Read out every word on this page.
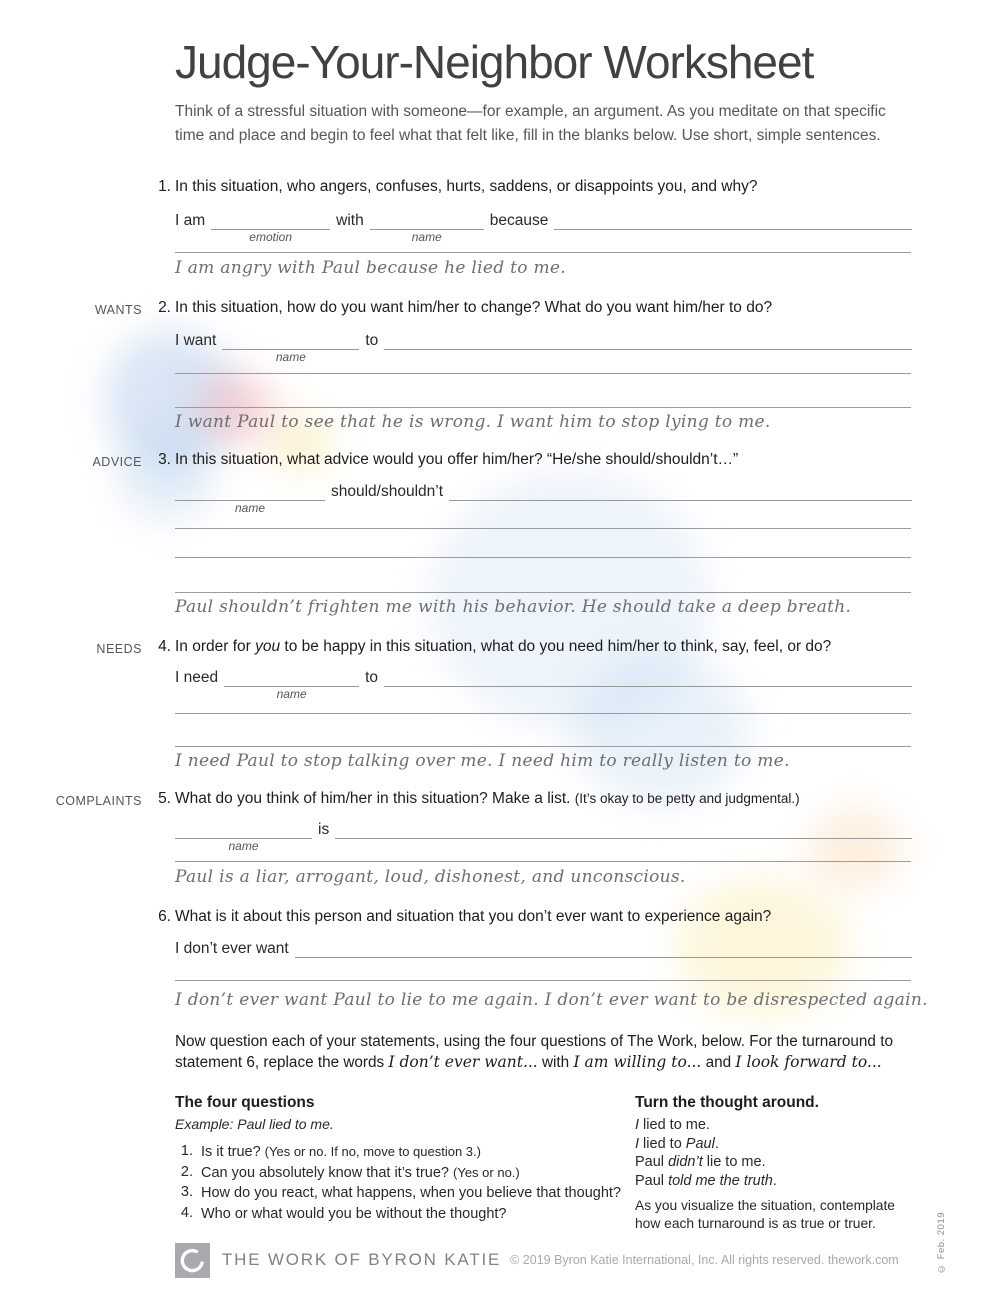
Judge-Your-Neighbor Worksheet
Think of a stressful situation with someone—for example, an argument. As you meditate on that specific time and place and begin to feel what that felt like, fill in the blanks below. Use short, simple sentences.
1. In this situation, who angers, confuses, hurts, saddens, or disappoints you, and why?
I am
emotion
with
name
because
I am angry with Paul because he lied to me.
WANTS	2. In this situation, how do you want him/her to change? What do you want him/her to do?
I want
name
to
I want Paul to see that he is wrong. I want him to stop lying to me.
ADVICE	3. In this situation, what advice would you offer him/her? “He/she should/shouldn’t…”
name
should/shouldn’t
Paul shouldn’t frighten me with his behavior. He should take a deep breath.
NEEDS	4. In order for you to be happy in this situation, what do you need him/her to think, say, feel, or do?
I need
name
to
I need Paul to stop talking over me. I need him to really listen to me.
COMPLAINTS	5. What do you think of him/her in this situation? Make a list. (It’s okay to be petty and judgmental.)
name
is
Paul is a liar, arrogant, loud, dishonest, and unconscious.
6. What is it about this person and situation that you don’t ever want to experience again?
I don’t ever want
I don’t ever want Paul to lie to me again. I don’t ever want to be disrespected again.
Now question each of your statements, using the four questions of The Work, below. For the turnaround to statement 6, replace the words I don’t ever want... with I am willing to... and I look forward to...

The four questions

Example: Paul lied to me.

1. Is it true? (Yes or no. If no, move to question 3.)
2. Can you absolutely know that it’s true? (Yes or no.)
3. How do you react, what happens, when you believe that thought?
4. Who or what would you be without the thought?

Turn the thought around.

I lied to me.
I lied to Paul.
Paul didn’t lie to me.
Paul told me the truth.
As you visualize the situation, contemplate
how each turnaround is as true or truer.
THE WORK OF BYRON KATIE © 2019 Byron Katie International, Inc. All rights reserved. thework.com	© Feb. 2019
